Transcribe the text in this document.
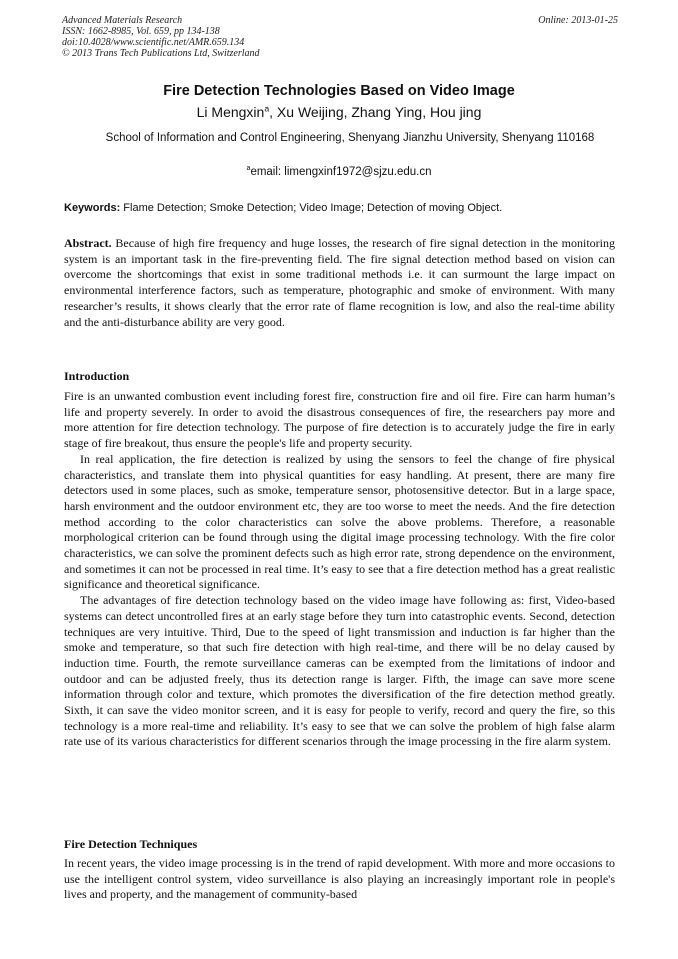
Advanced Materials Research
ISSN: 1662-8985, Vol. 659, pp 134-138
doi:10.4028/www.scientific.net/AMR.659.134
© 2013 Trans Tech Publications Ltd, Switzerland
Online: 2013-01-25
Fire Detection Technologies Based on Video Image
Li Mengxin$^a$, Xu Weijing, Zhang Ying, Hou jing
School of Information and Control Engineering, Shenyang Jianzhu University, Shenyang 110168
$^a$email: limengxinf1972@sjzu.edu.cn
Keywords: Flame Detection; Smoke Detection; Video Image; Detection of moving Object.
Abstract. Because of high fire frequency and huge losses, the research of fire signal detection in the monitoring system is an important task in the fire-preventing field. The fire signal detection method based on vision can overcome the shortcomings that exist in some traditional methods i.e. it can surmount the large impact on environmental interference factors, such as temperature, photographic and smoke of environment. With many researcher’s results, it shows clearly that the error rate of flame recognition is low, and also the real-time ability and the anti-disturbance ability are very good.
Introduction

Fire is an unwanted combustion event including forest fire, construction fire and oil fire. Fire can harm human’s life and property severely. In order to avoid the disastrous consequences of fire, the researchers pay more and more attention for fire detection technology. The purpose of fire detection is to accurately judge the fire in early stage of fire breakout, thus ensure the people's life and property security.

In real application, the fire detection is realized by using the sensors to feel the change of fire physical characteristics, and translate them into physical quantities for easy handling. At present, there are many fire detectors used in some places, such as smoke, temperature sensor, photosensitive detector. But in a large space, harsh environment and the outdoor environment etc, they are too worse to meet the needs. And the fire detection method according to the color characteristics can solve the above problems. Therefore, a reasonable morphological criterion can be found through using the digital image processing technology. With the fire color characteristics, we can solve the prominent defects such as high error rate, strong dependence on the environment, and sometimes it can not be processed in real time. It’s easy to see that a fire detection method has a great realistic significance and theoretical significance.

The advantages of fire detection technology based on the video image have following as: first, Video-based systems can detect uncontrolled fires at an early stage before they turn into catastrophic events. Second, detection techniques are very intuitive. Third, Due to the speed of light transmission and induction is far higher than the smoke and temperature, so that such fire detection with high real-time, and there will be no delay caused by induction time. Fourth, the remote surveillance cameras can be exempted from the limitations of indoor and outdoor and can be adjusted freely, thus its detection range is larger. Fifth, the image can save more scene information through color and texture, which promotes the diversification of the fire detection method greatly. Sixth, it can save the video monitor screen, and it is easy for people to verify, record and query the fire, so this technology is a more real-time and reliability. It’s easy to see that we can solve the problem of high false alarm rate use of its various characteristics for different scenarios through the image processing in the fire alarm system.

Fire Detection Techniques

In recent years, the video image processing is in the trend of rapid development. With more and more occasions to use the intelligent control system, video surveillance is also playing an increasingly important role in people's lives and property, and the management of community-based
